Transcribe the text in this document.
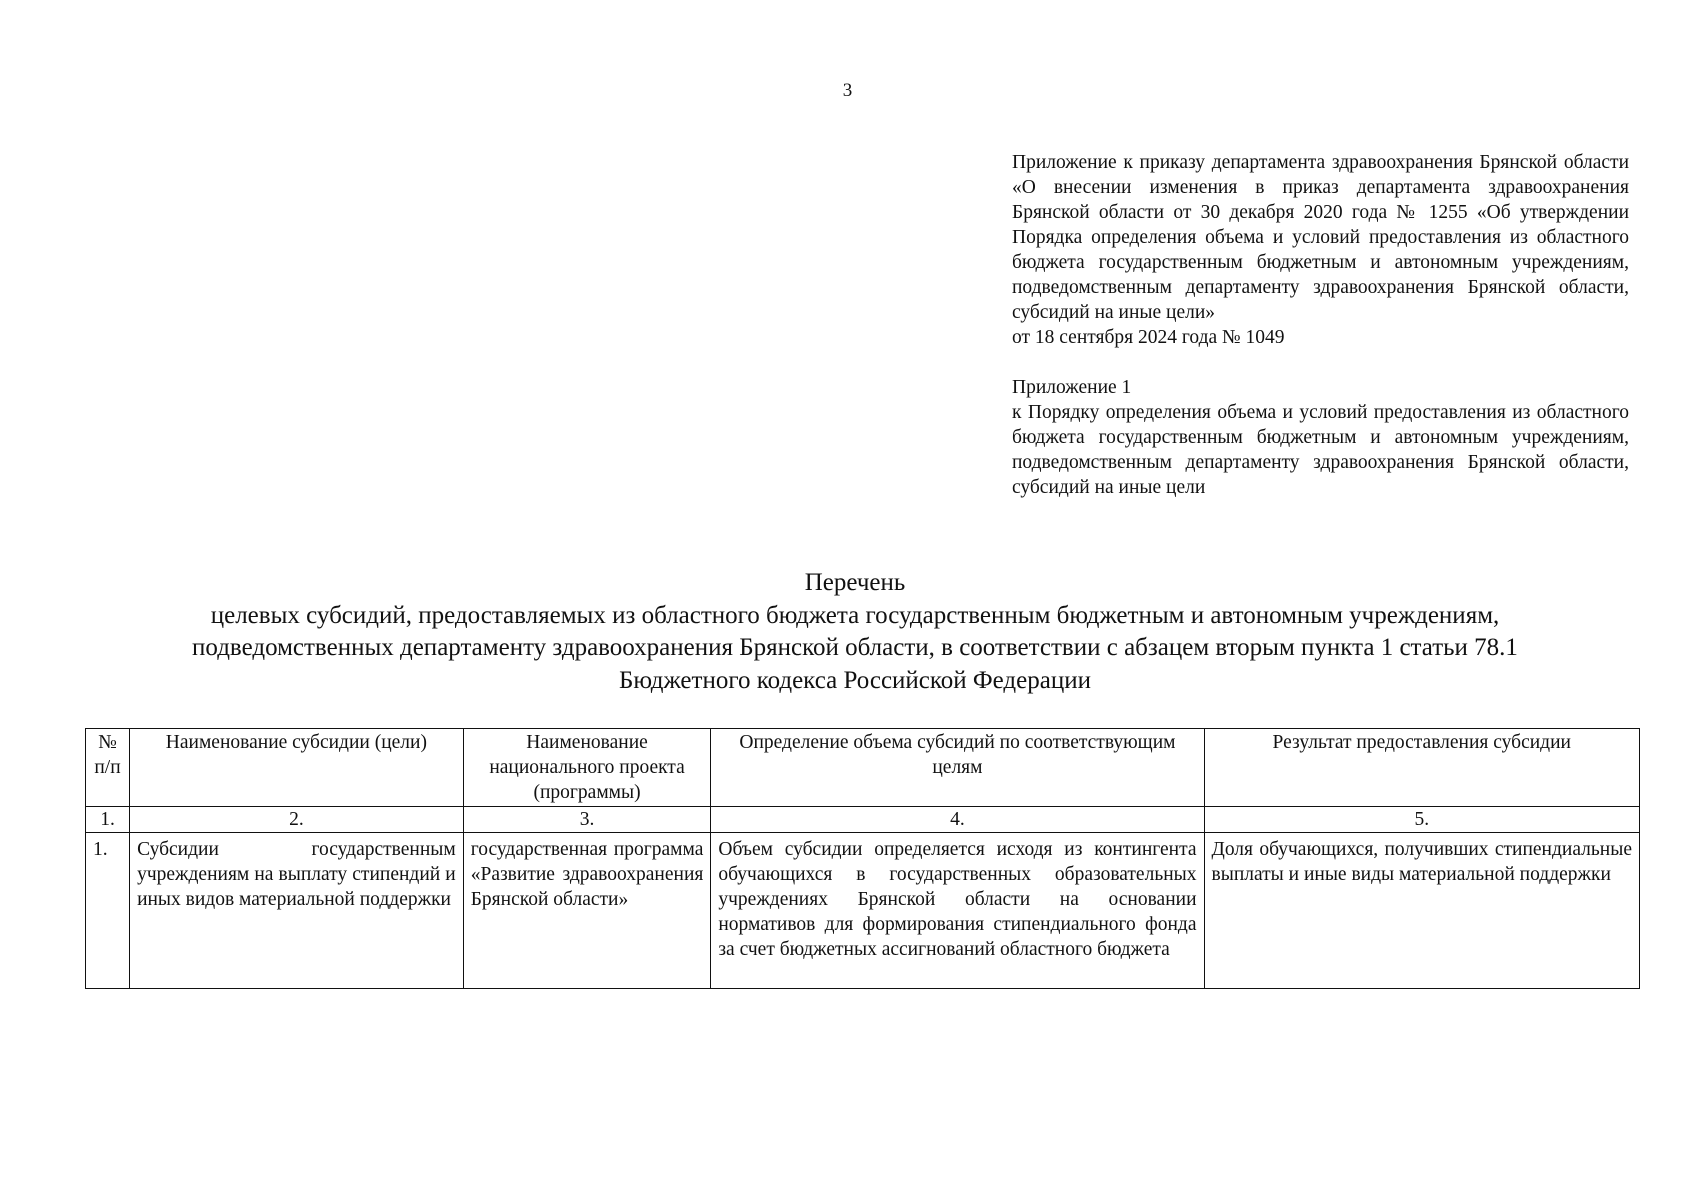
3

Приложение к приказу департамента здравоохранения Брянской области «О внесении изменения в приказ департамента здравоохранения Брянской области от 30 декабря 2020 года № 1255 «Об утверждении Порядка определения объема и условий предоставления из областного бюджета государственным бюджетным и автономным учреждениям, подведомственным департаменту здравоохранения Брянской области, субсидий на иные цели»

от 18 сентября 2024 года № 1049

Приложение 1

к Порядку определения объема и условий предоставления из областного бюджета государственным бюджетным и автономным учреждениям, подведомственным департаменту здравоохранения Брянской области, субсидий на иные цели

Перечень

целевых субсидий, предоставляемых из областного бюджета государственным бюджетным и автономным учреждениям,

подведомственных департаменту здравоохранения Брянской области, в соответствии с абзацем вторым пункта 1 статьи 78.1

Бюджетного кодекса Российской Федерации

№ п/п	Наименование субсидии (цели)	Наименование национального проекта (программы)	Определение объема субсидий по соответствующим целям	Результат предоставления субсидии
1.	2.	3.	4.	5.
1.	Субсидии государственным учреждениям на выплату стипендий и иных видов материальной поддержки	государственная программа «Развитие здравоохранения Брянской области»	Объем субсидии определяется исходя из контингента обучающихся в государственных образовательных учреждениях Брянской области на основании нормативов для формирования стипендиального фонда за счет бюджетных ассигнований областного бюджета	Доля обучающихся, получивших стипендиальные выплаты и иные виды материальной поддержки
